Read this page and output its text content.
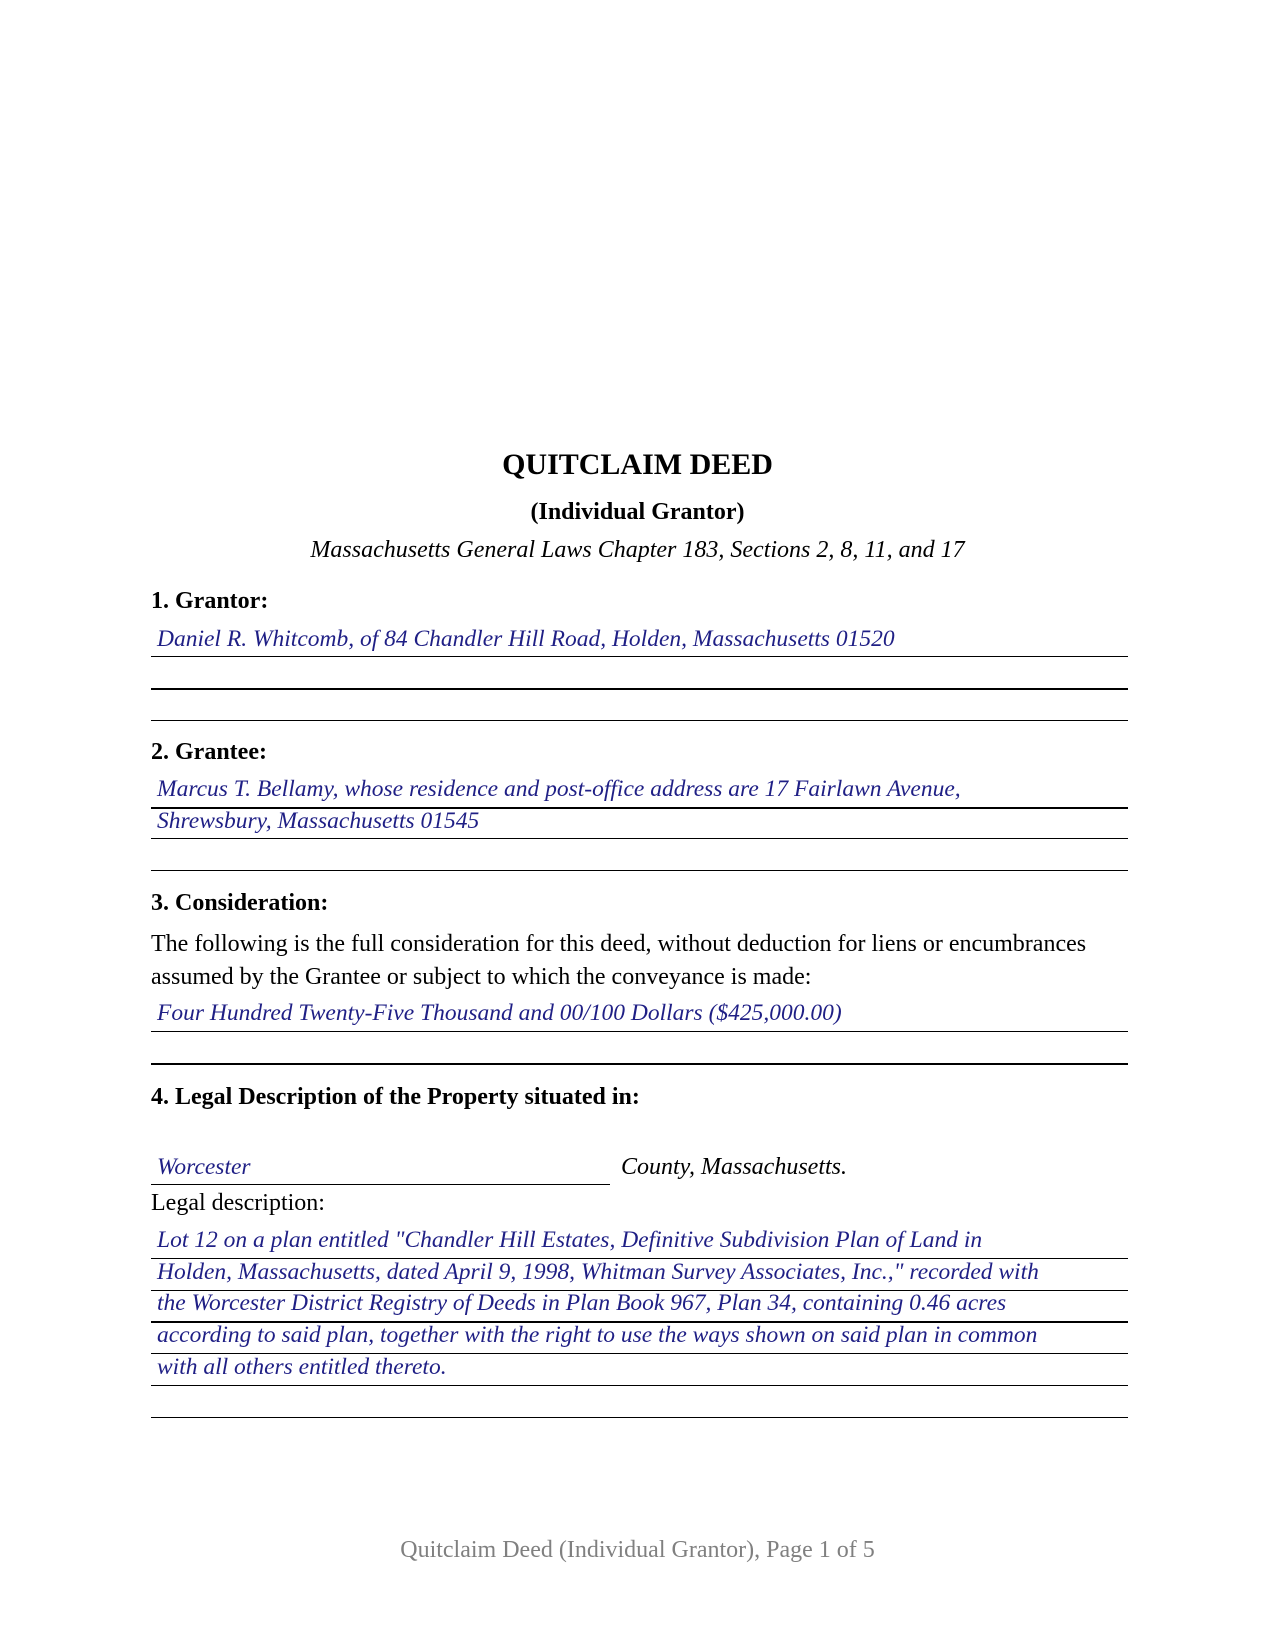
QUITCLAIM DEED
(Individual Grantor)
Massachusetts General Laws Chapter 183, Sections 2, 8, 11, and 17
1. Grantor:
Daniel R. Whitcomb, of 84 Chandler Hill Road, Holden, Massachusetts 01520
2. Grantee:
Marcus T. Bellamy, whose residence and post-office address are 17 Fairlawn Avenue,
Shrewsbury, Massachusetts 01545
3. Consideration:
The following is the full consideration for this deed, without deduction for liens or encumbrances assumed by the Grantee or subject to which the conveyance is made:
Four Hundred Twenty-Five Thousand and 00/100 Dollars ($425,000.00)
4. Legal Description of the Property situated in:
Worcester	County, Massachusetts.
Legal description:
Lot 12 on a plan entitled "Chandler Hill Estates, Definitive Subdivision Plan of Land in
Holden, Massachusetts, dated April 9, 1998, Whitman Survey Associates, Inc.," recorded with
the Worcester District Registry of Deeds in Plan Book 967, Plan 34, containing 0.46 acres
according to said plan, together with the right to use the ways shown on said plan in common
with all others entitled thereto.
Quitclaim Deed (Individual Grantor), Page 1 of 5
